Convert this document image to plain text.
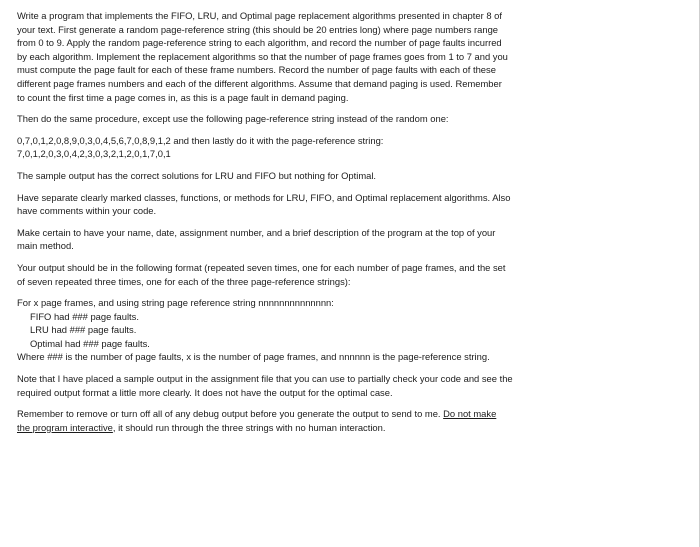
Write a program that implements the FIFO, LRU, and Optimal page replacement algorithms presented in chapter 8 of
your text. First generate a random page-reference string (this should be 20 entries long) where page numbers range
from 0 to 9. Apply the random page-reference string to each algorithm, and record the number of page faults incurred
by each algorithm. Implement the replacement algorithms so that the number of page frames goes from 1 to 7 and you
must compute the page fault for each of these frame numbers. Record the number of page faults with each of these
different page frames numbers and each of the different algorithms. Assume that demand paging is used. Remember
to count the first time a page comes in, as this is a page fault in demand paging.
Then do the same procedure, except use the following page-reference string instead of the random one:
0,7,0,1,2,0,8,9,0,3,0,4,5,6,7,0,8,9,1,2 and then lastly do it with the page-reference string:
7,0,1,2,0,3,0,4,2,3,0,3,2,1,2,0,1,7,0,1
The sample output has the correct solutions for LRU and FIFO but nothing for Optimal.
Have separate clearly marked classes, functions, or methods for LRU, FIFO, and Optimal replacement algorithms. Also
have comments within your code.
Make certain to have your name, date, assignment number, and a brief description of the program at the top of your
main method.
Your output should be in the following format (repeated seven times, one for each number of page frames, and the set
of seven repeated three times, one for each of the three page-reference strings):
For x page frames, and using string page reference string nnnnnnnnnnnnnn:
FIFO had ### page faults.
LRU had ### page faults.
Optimal had ### page faults.
Where ### is the number of page faults, x is the number of page frames, and nnnnnn is the page-reference string.
Note that I have placed a sample output in the assignment file that you can use to partially check your code and see the
required output format a little more clearly. It does not have the output for the optimal case.
Remember to remove or turn off all of any debug output before you generate the output to send to me. Do not make
the program interactive, it should run through the three strings with no human interaction.
